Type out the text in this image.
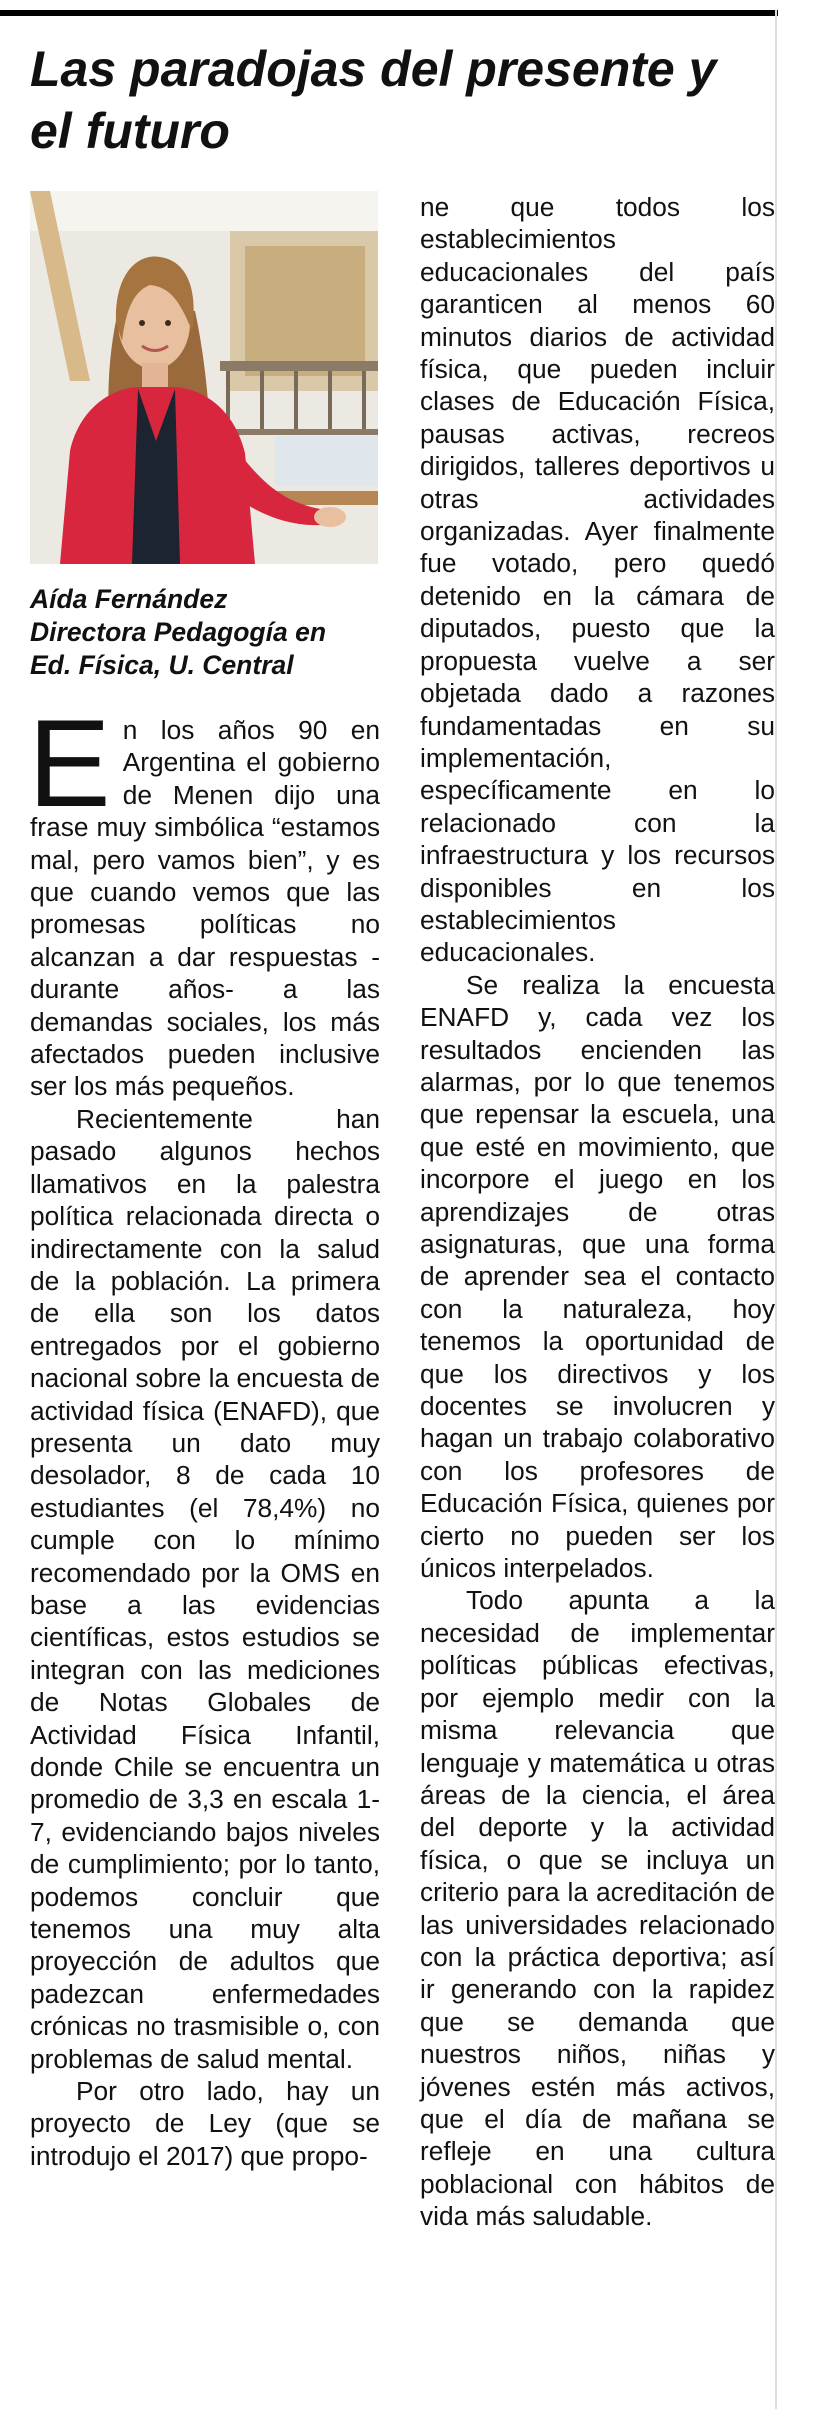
Las paradojas del presente y el futuro
Aída Fernández
Directora Pedagogía en
Ed. Física, U. Central

En los años 90 en Argentina el gobierno de Menen dijo una frase muy simbólica “estamos mal, pero vamos bien”, y es que cuando vemos que las promesas políticas no alcanzan a dar respuestas -durante años- a las demandas sociales, los más afectados pueden inclusive ser los más pequeños.

Recientemente han pasado algunos hechos llamativos en la palestra política relacionada directa o indirectamente con la salud de la población. La primera de ella son los datos entregados por el gobierno nacional sobre la encuesta de actividad física (ENAFD), que presenta un dato muy desolador, 8 de cada 10 estudiantes (el 78,4%) no cumple con lo mínimo recomendado por la OMS en base a las evidencias científicas, estos estudios se integran con las mediciones de Notas Globales de Actividad Física Infantil, donde Chile se encuentra un promedio de 3,3 en escala 1-7, evidenciando bajos niveles de cumplimiento; por lo tanto, podemos concluir que tenemos una muy alta proyección de adultos que padezcan enfermedades crónicas no trasmisible o, con problemas de salud mental.

Por otro lado, hay un proyecto de Ley (que se introdujo el 2017) que propo-

ne que todos los establecimientos educacionales del país garanticen al menos 60 minutos diarios de actividad física, que pueden incluir clases de Educación Física, pausas activas, recreos dirigidos, talleres deportivos u otras actividades organizadas. Ayer finalmente fue votado, pero quedó detenido en la cámara de diputados, puesto que la propuesta vuelve a ser objetada dado a razones fundamentadas en su implementación, específicamente en lo relacionado con la infraestructura y los recursos disponibles en los establecimientos educacionales.

Se realiza la encuesta ENAFD y, cada vez los resultados encienden las alarmas, por lo que tenemos que repensar la escuela, una que esté en movimiento, que incorpore el juego en los aprendizajes de otras asignaturas, que una forma de aprender sea el contacto con la naturaleza, hoy tenemos la oportunidad de que los directivos y los docentes se involucren y hagan un trabajo colaborativo con los profesores de Educación Física, quienes por cierto no pueden ser los únicos interpelados.

Todo apunta a la necesidad de implementar políticas públicas efectivas, por ejemplo medir con la misma relevancia que lenguaje y matemática u otras áreas de la ciencia, el área del deporte y la actividad física, o que se incluya un criterio para la acreditación de las universidades relacionado con la práctica deportiva; así ir generando con la rapidez que se demanda que nuestros niños, niñas y jóvenes estén más activos, que el día de mañana se refleje en una cultura poblacional con hábitos de vida más saludable.
